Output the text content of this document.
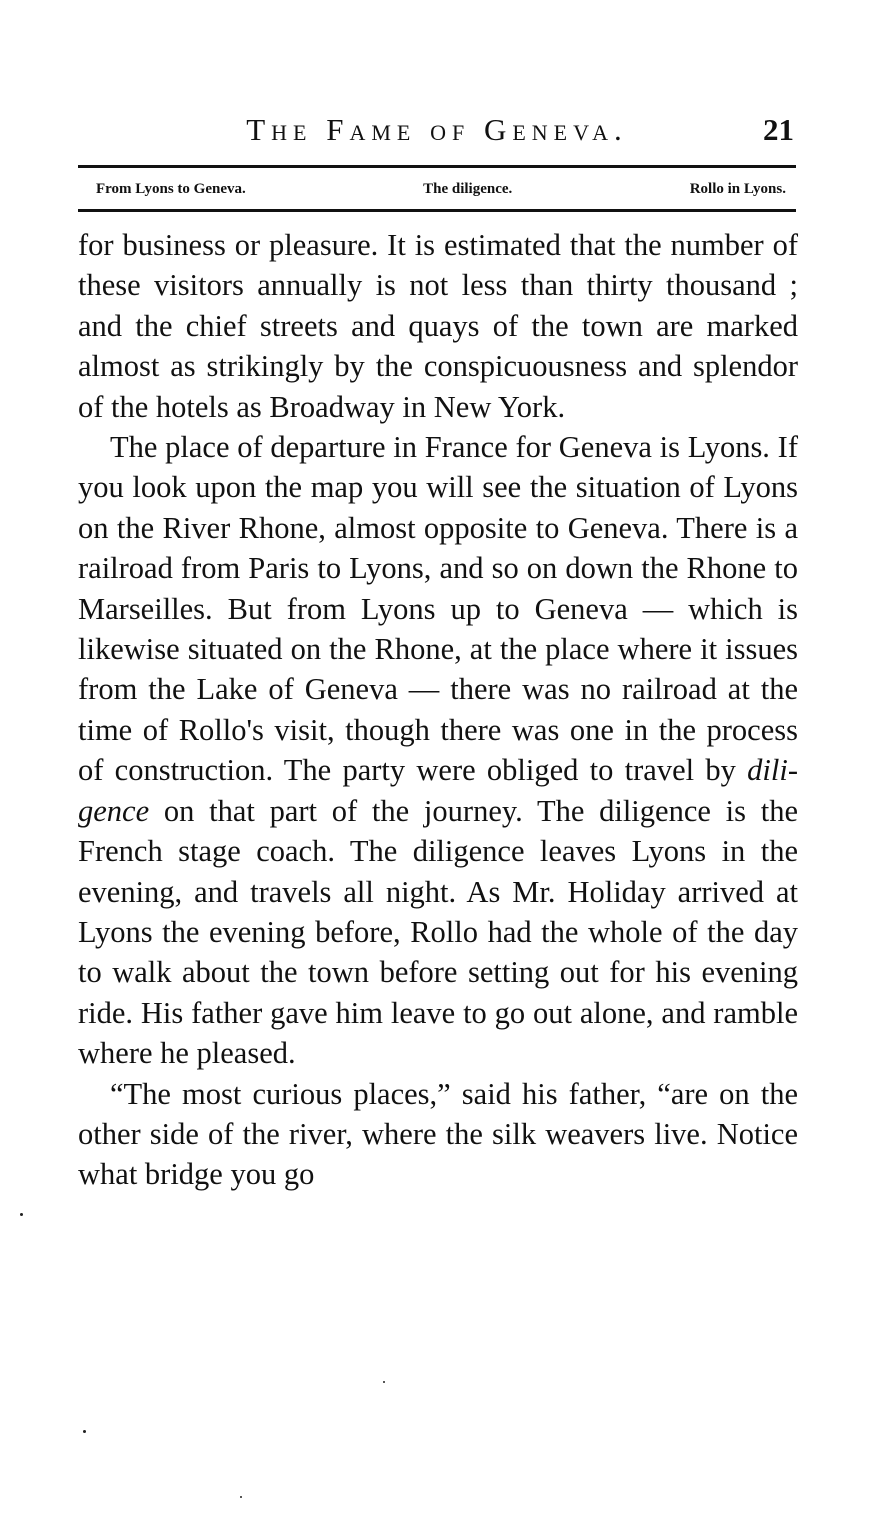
The Fame of Geneva.	21
From Lyons to Geneva.	The diligence.	Rollo in Lyons.

for business or pleasure. It is estimated that the number of these visitors annually is not less than thirty thousand ; and the chief streets and quays of the town are marked almost as strikingly by the conspicuousness and splendor of the hotels as Broadway in New York.

The place of departure in France for Geneva is Lyons. If you look upon the map you will see the situation of Lyons on the River Rhone, almost opposite to Geneva. There is a railroad from Paris to Lyons, and so on down the Rhone to Marseilles. But from Lyons up to Geneva — which is likewise situated on the Rhone, at the place where it issues from the Lake of Geneva — there was no railroad at the time of Rollo's visit, though there was one in the process of construction. The party were obliged to travel by dili-gence on that part of the journey. The diligence is the French stage coach. The diligence leaves Lyons in the evening, and travels all night. As Mr. Holiday arrived at Lyons the evening before, Rollo had the whole of the day to walk about the town before setting out for his evening ride. His father gave him leave to go out alone, and ramble where he pleased.

“The most curious places,” said his father, “are on the other side of the river, where the silk weavers live. Notice what bridge you go
